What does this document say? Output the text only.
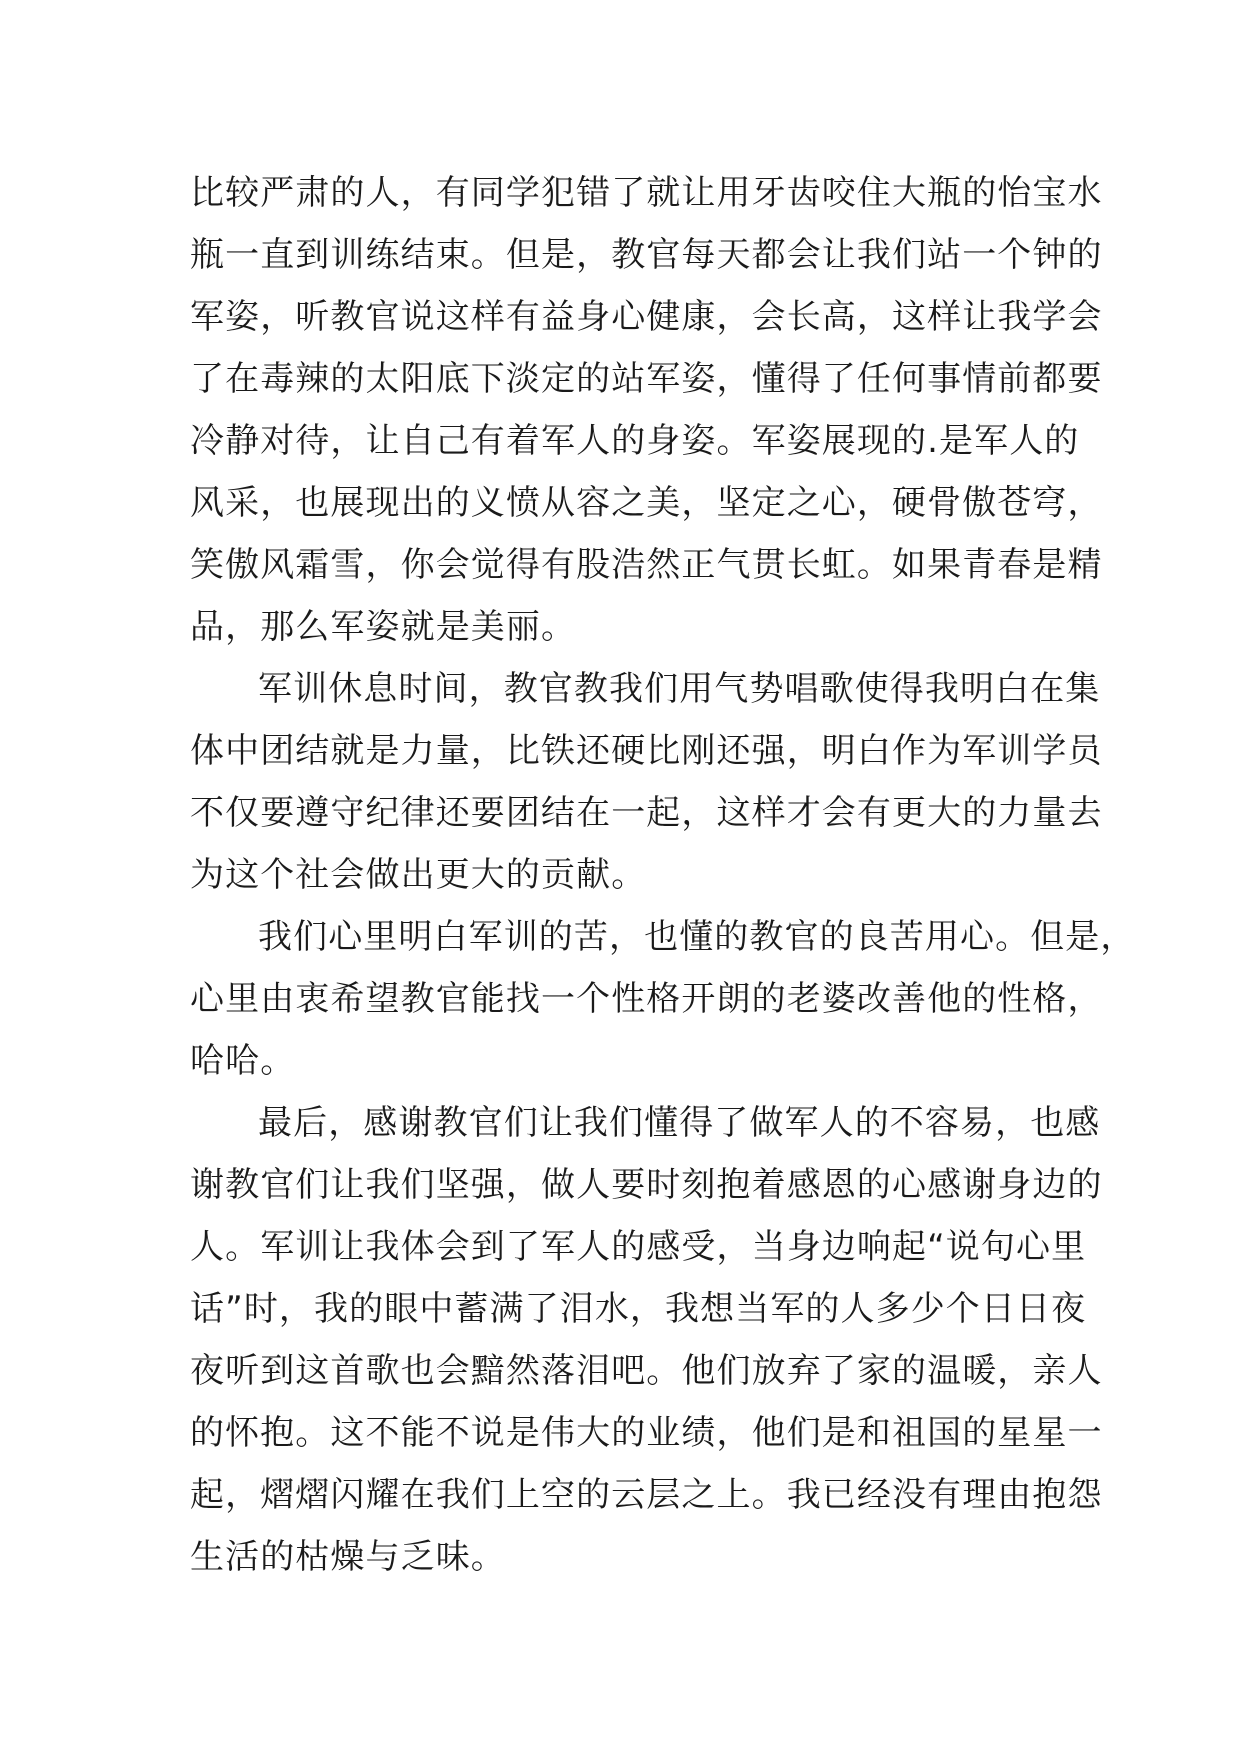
比较严肃的人，有同学犯错了就让用牙齿咬住大瓶的怡宝水
瓶一直到训练结束。但是，教官每天都会让我们站一个钟的
军姿，听教官说这样有益身心健康，会长高，这样让我学会
了在毒辣的太阳底下淡定的站军姿，懂得了任何事情前都要
冷静对待，让自己有着军人的身姿。军姿展现的.是军人的
风采，也展现出的义愤从容之美，坚定之心，硬骨傲苍穹，
笑傲风霜雪，你会觉得有股浩然正气贯长虹。如果青春是精
品，那么军姿就是美丽。
军训休息时间，教官教我们用气势唱歌使得我明白在集
体中团结就是力量，比铁还硬比刚还强，明白作为军训学员
不仅要遵守纪律还要团结在一起，这样才会有更大的力量去
为这个社会做出更大的贡献。
我们心里明白军训的苦，也懂的教官的良苦用心。但是，
心里由衷希望教官能找一个性格开朗的老婆改善他的性格，
哈哈。
最后，感谢教官们让我们懂得了做军人的不容易，也感
谢教官们让我们坚强，做人要时刻抱着感恩的心感谢身边的
人。军训让我体会到了军人的感受，当身边响起“说句心里
话”时，我的眼中蓄满了泪水，我想当军的人多少个日日夜
夜听到这首歌也会黯然落泪吧。他们放弃了家的温暖，亲人
的怀抱。这不能不说是伟大的业绩，他们是和祖国的星星一
起，熠熠闪耀在我们上空的云层之上。我已经没有理由抱怨
生活的枯燥与乏味。
